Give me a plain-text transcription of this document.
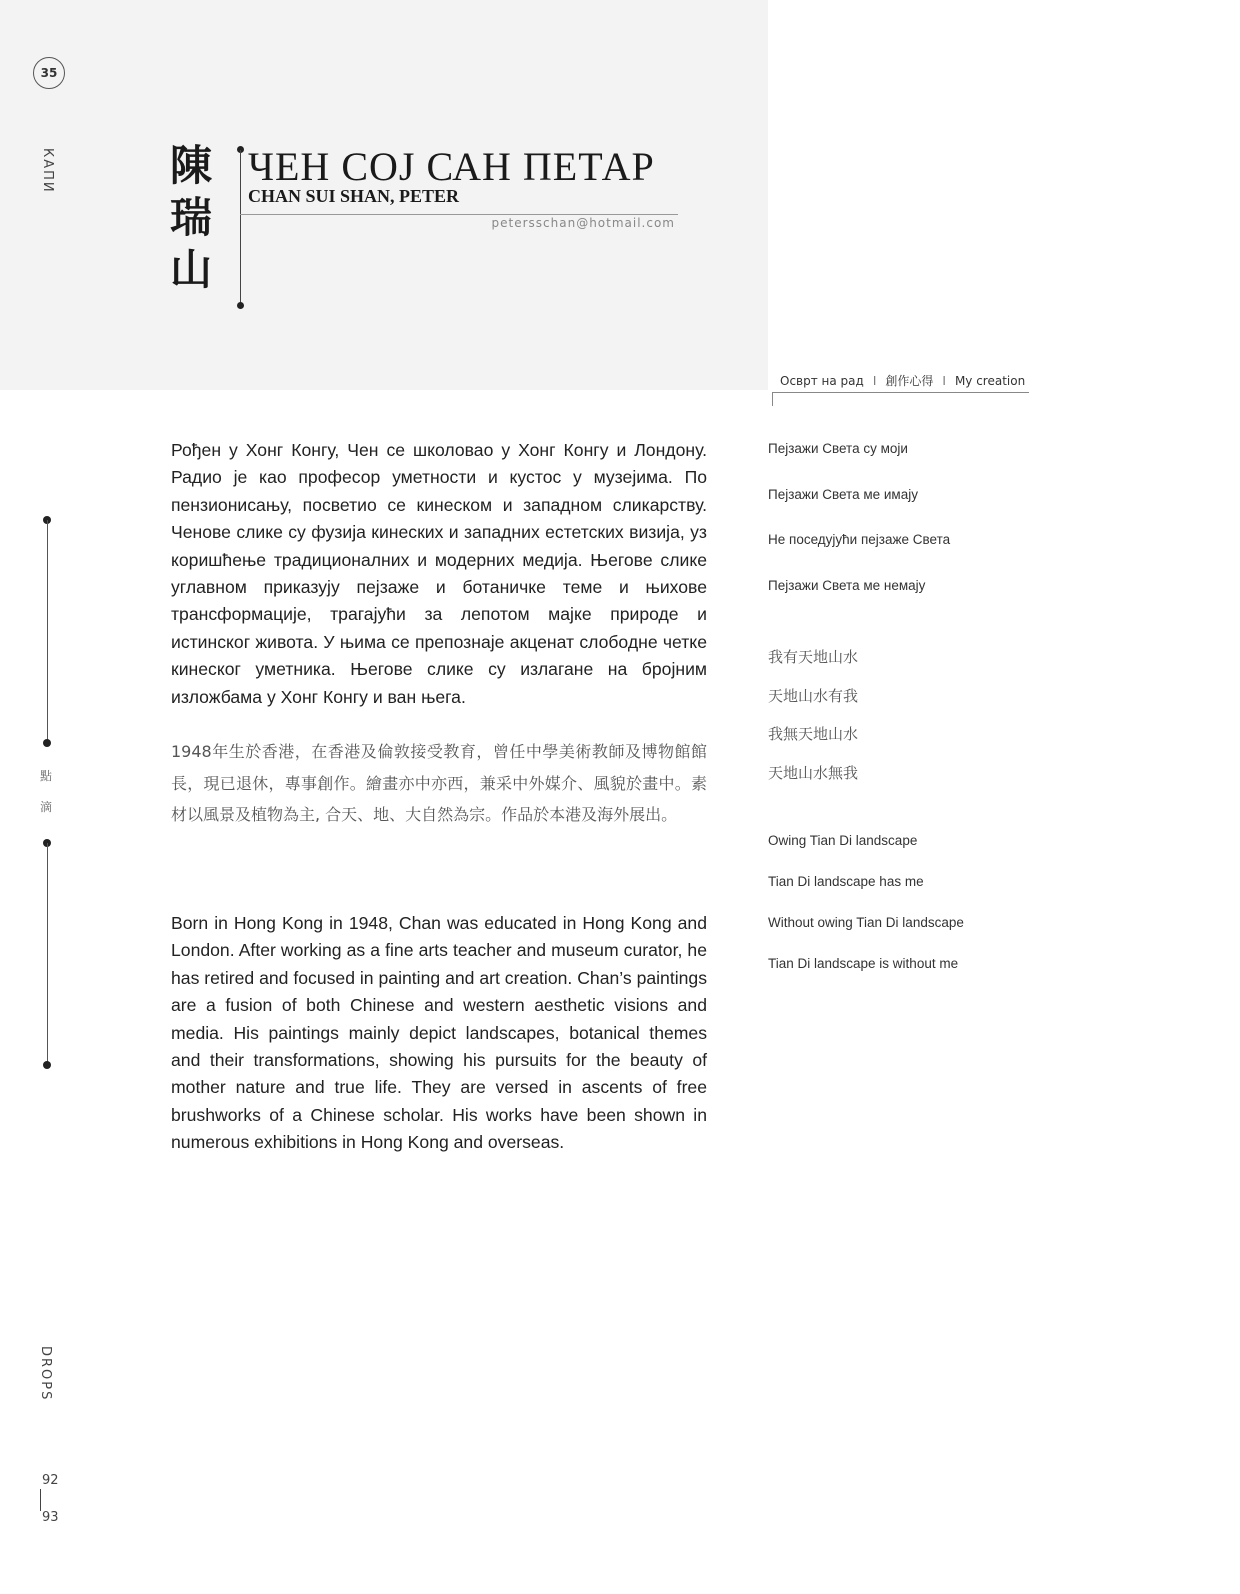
35
КАПИ
點
滴
DROPS
92
93
陳瑞山
ЧЕН СОЈ САН ПЕТАР
CHAN SUI SHAN, PETER
petersschan@hotmail.com
Осврт на рад I 創作心得 I My creation
Рођен у Хонг Конгу, Чен се школовао у Хонг Конгу и Лондону. Радио је као професор уметности и кустос у музејима. По пензионисању, посветио се кинеском и западном сликарству. Ченове слике су фузија кинеских и западних естетских визија, уз коришћење традиционалних и модерних медија. Његове слике углавном приказују пејзаже и ботаничке теме и њихове трансформације, трагајући за лепотом мајке природе и истинског живота. У њима се препознаје акценат слободне четке кинеског уметника. Његове слике су излагане на бројним изложбама у Хонг Конгу и ван њега.
1948年生於香港，在香港及倫敦接受教育，曾任中學美術教師及博物館館長，現已退休，專事創作。繪畫亦中亦西，兼采中外媒介、風貌於畫中。素材以風景及植物為主, 合天、地、大自然為宗。作品於本港及海外展出。
Born in Hong Kong in 1948, Chan was educated in Hong Kong and London. After working as a fine arts teacher and museum curator, he has retired and focused in painting and art creation. Chan’s paintings are a fusion of both Chinese and western aesthetic visions and media. His paintings mainly depict landscapes, botanical themes and their transformations, showing his pursuits for the beauty of mother nature and true life. They are versed in ascents of free brushworks of a Chinese scholar. His works have been shown in numerous exhibitions in Hong Kong and overseas.
Пејзажи Света су моји
Пејзажи Света ме имају
Не поседујући пејзаже Света
Пејзажи Света ме немају
我有天地山水
天地山水有我
我無天地山水
天地山水無我
Owing Tian Di landscape
Tian Di landscape has me
Without owing Tian Di landscape
Tian Di landscape is without me
